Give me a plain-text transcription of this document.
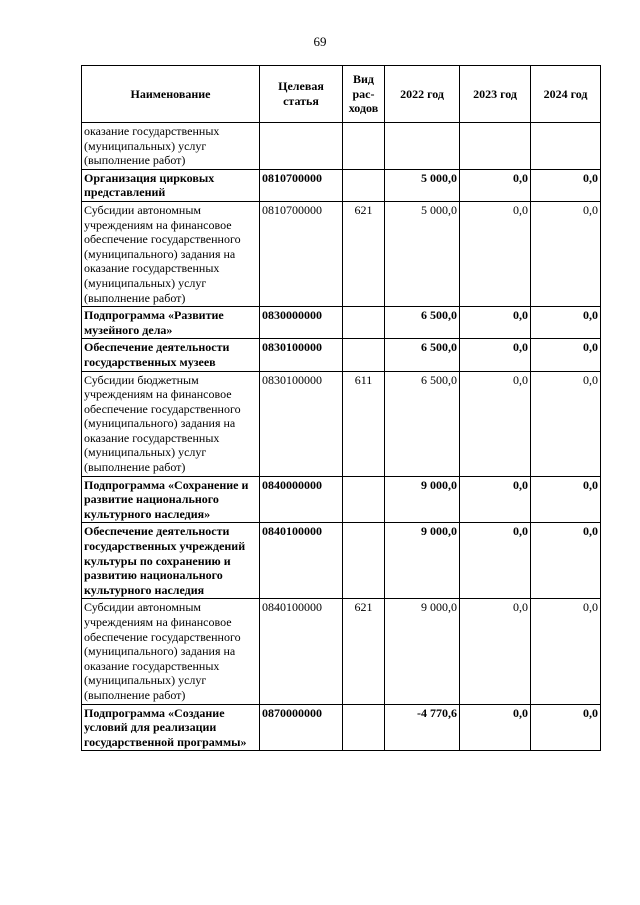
69
Наименование	Целевая статья	Вид рас-ходов	2022 год	2023 год	2024 год
оказание государственных (муниципальных) услуг (выполнение работ)					
Организация цирковых представлений	0810700000		5 000,0	0,0	0,0
Субсидии автономным учреждениям на финансовое обеспечение государственного (муниципального) задания на оказание государственных (муниципальных) услуг (выполнение работ)	0810700000	621	5 000,0	0,0	0,0
Подпрограмма «Развитие музейного дела»	0830000000		6 500,0	0,0	0,0
Обеспечение деятельности государственных музеев	0830100000		6 500,0	0,0	0,0
Субсидии бюджетным учреждениям на финансовое обеспечение государственного (муниципального) задания на оказание государственных (муниципальных) услуг (выполнение работ)	0830100000	611	6 500,0	0,0	0,0
Подпрограмма «Сохранение и развитие национального культурного наследия»	0840000000		9 000,0	0,0	0,0
Обеспечение деятельности государственных учреждений культуры по сохранению и развитию национального культурного наследия	0840100000		9 000,0	0,0	0,0
Субсидии автономным учреждениям на финансовое обеспечение государственного (муниципального) задания на оказание государственных (муниципальных) услуг (выполнение работ)	0840100000	621	9 000,0	0,0	0,0
Подпрограмма «Создание условий для реализации государственной программы»	0870000000		-4 770,6	0,0	0,0
